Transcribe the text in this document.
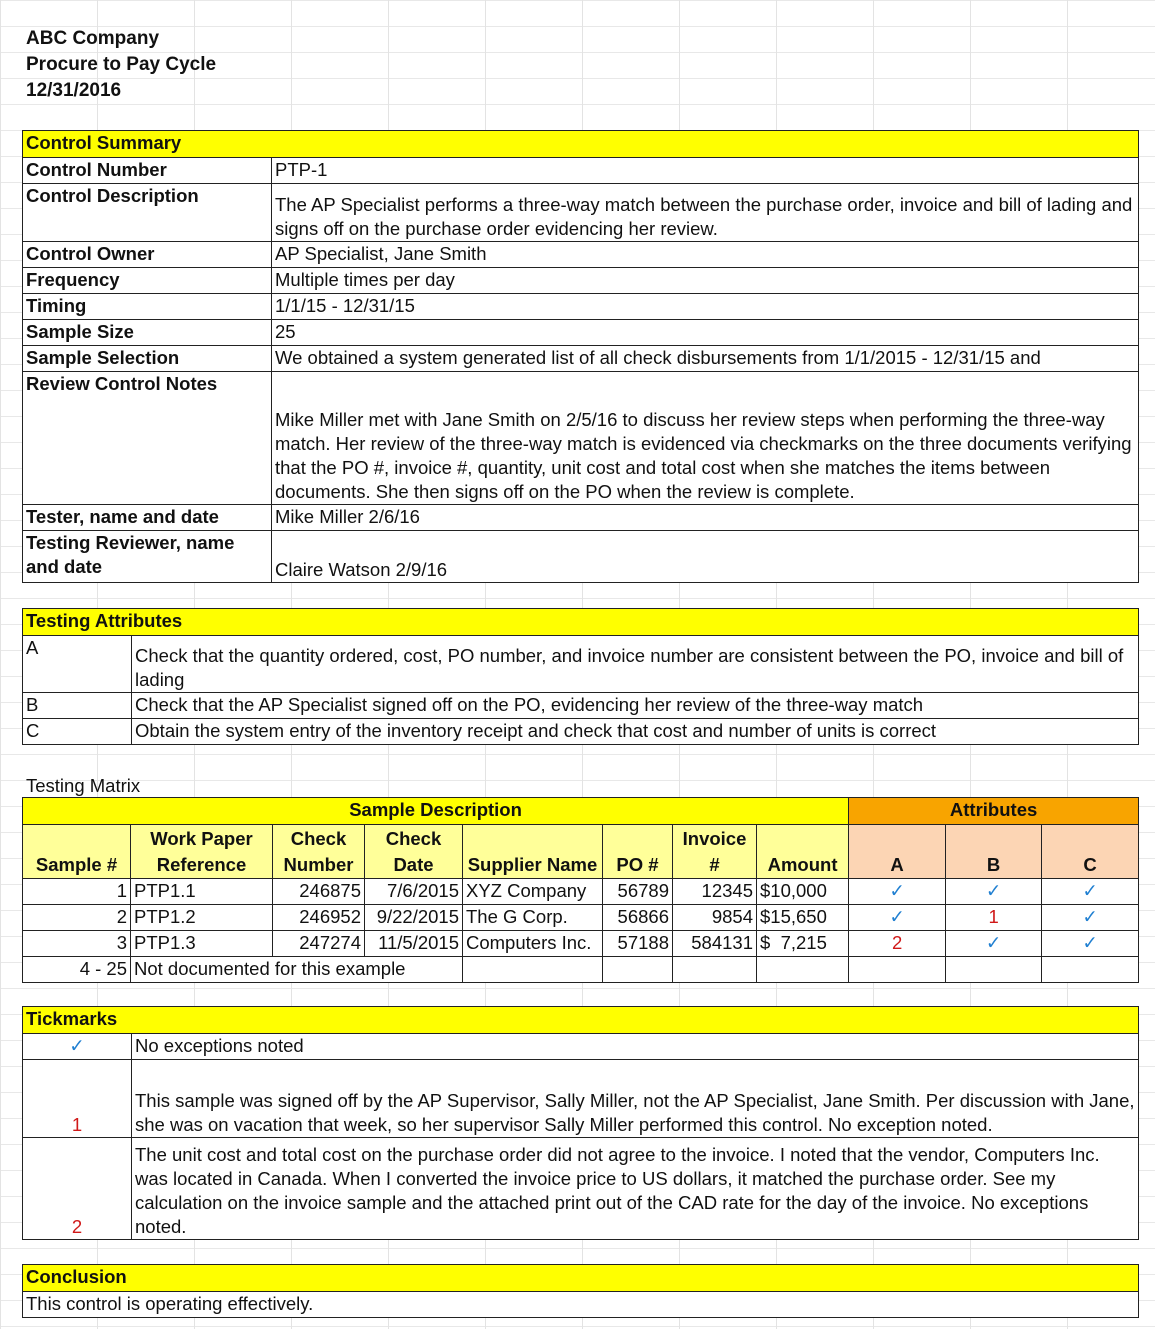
ABC Company
Procure to Pay Cycle
12/31/2016
Control Summary	
Control Number	PTP-1
Control Description	The AP Specialist performs a three-way match between the purchase order, invoice and bill of lading and signs off on the purchase order evidencing her review.
Control Owner	AP Specialist, Jane Smith
Frequency	Multiple times per day
Timing	1/1/15 - 12/31/15
Sample Size	25
Sample Selection	We obtained a system generated list of all check disbursements from 1/1/2015 - 12/31/15 and
Review Control Notes	Mike Miller met with Jane Smith on 2/5/16 to discuss her review steps when performing the three-way match. Her review of the three-way match is evidenced via checkmarks on the three documents verifying that the PO #, invoice #, quantity, unit cost and total cost when she matches the items between documents. She then signs off on the PO when the review is complete.
Tester, name and date	Mike Miller 2/6/16
Testing Reviewer, name and date	Claire Watson 2/9/16
Testing Attributes	
A	Check that the quantity ordered, cost, PO number, and invoice number are consistent between the PO, invoice and bill of lading
B	Check that the AP Specialist signed off on the PO, evidencing her review of the three-way match
C	Obtain the system entry of the inventory receipt and check that cost and number of units is correct
Testing Matrix
Sample Description								Attributes		
Sample #	Work Paper Reference	Check Number	Check Date	Supplier Name	PO #	Invoice #	Amount	A	B	C
1	PTP1.1	246875	7/6/2015	XYZ Company	56789	12345	$10,000	✓	✓	✓
2	PTP1.2	246952	9/22/2015	The G Corp.	56866	9854	$15,650	✓	1	✓
3	PTP1.3	247274	11/5/2015	Computers Inc.	57188	584131	$  7,215	2	✓	✓
4 - 25	Not documented for this example									
Tickmarks	
✓	No exceptions noted
1	This sample was signed off by the AP Supervisor, Sally Miller, not the AP Specialist, Jane Smith. Per discussion with Jane, she was on vacation that week, so her supervisor Sally Miller performed this control. No exception noted.
2	The unit cost and total cost on the purchase order did not agree to the invoice. I noted that the vendor, Computers Inc. was located in Canada. When I converted the invoice price to US dollars, it matched the purchase order. See my calculation on the invoice sample and the attached print out of the CAD rate for the day of the invoice. No exceptions noted.
Conclusion
This control is operating effectively.
